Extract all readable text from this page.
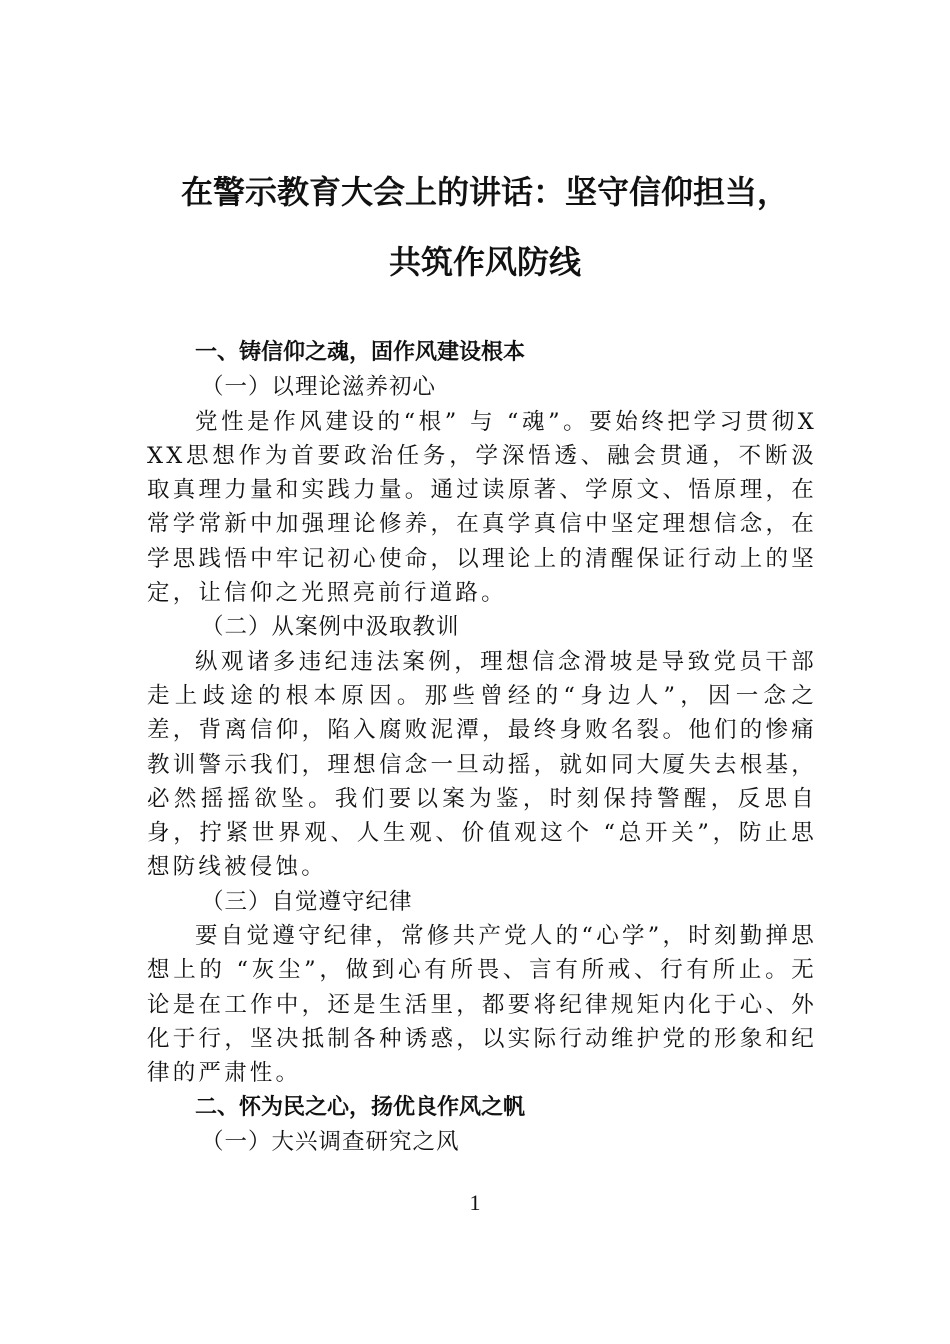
在警示教育大会上的讲话：坚守信仰担当，
共筑作风防线
一、铸信仰之魂，固作风建设根本
（一）以理论滋养初心

党性是作风建设的“根” 与 “魂”。要始终把学习贯彻XXX思想作为首要政治任务，学深悟透、融会贯通，不断汲取真理力量和实践力量。通过读原著、学原文、悟原理，在常学常新中加强理论修养，在真学真信中坚定理想信念，在学思践悟中牢记初心使命，以理论上的清醒保证行动上的坚定，让信仰之光照亮前行道路。

（二）从案例中汲取教训

纵观诸多违纪违法案例，理想信念滑坡是导致党员干部走上歧途的根本原因。那些曾经的“身边人”，因一念之差，背离信仰，陷入腐败泥潭，最终身败名裂。他们的惨痛教训警示我们，理想信念一旦动摇，就如同大厦失去根基，必然摇摇欲坠。我们要以案为鉴，时刻保持警醒，反思自身，拧紧世界观、人生观、价值观这个 “总开关”，防止思想防线被侵蚀。

（三）自觉遵守纪律

要自觉遵守纪律，常修共产党人的“心学”，时刻勤掸思想上的 “灰尘”，做到心有所畏、言有所戒、行有所止。无论是在工作中，还是生活里，都要将纪律规矩内化于心、外化于行，坚决抵制各种诱惑，以实际行动维护党的形象和纪律的严肃性。

二、怀为民之心，扬优良作风之帆
（一）大兴调查研究之风
1
